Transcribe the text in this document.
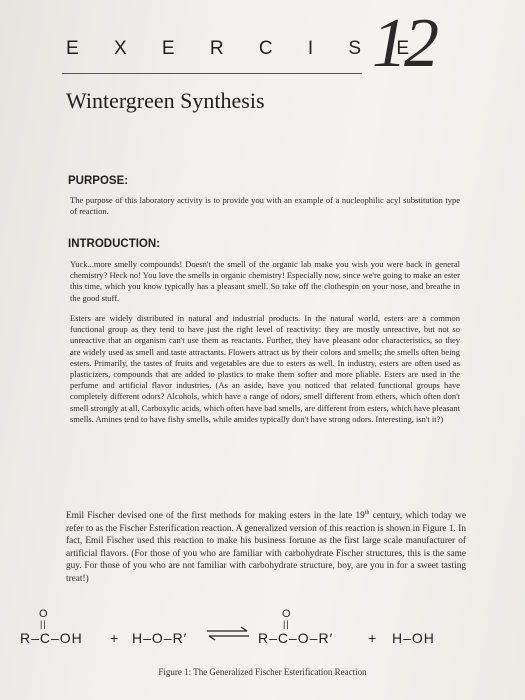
E X E R C I S E
12
Wintergreen Synthesis
PURPOSE:

The purpose of this laboratory activity is to provide you with an example of a nucleophilic acyl substitution type of reaction.

INTRODUCTION:

Yuck...more smelly compounds! Doesn't the smell of the organic lab make you wish you were back in general chemistry? Heck no! You love the smells in organic chemistry! Especially now, since we're going to make an ester this time, which you know typically has a pleasant smell. So take off the clothespin on your nose, and breathe in the good stuff.

Esters are widely distributed in natural and industrial products. In the natural world, esters are a common functional group as they tend to have just the right level of reactivity: they are mostly unreactive, but not so unreactive that an organism can't use them as reactants. Further, they have pleasant odor characteristics, so they are widely used as smell and taste attractants. Flowers attract us by their colors and smells; the smells often being esters. Primarily, the tastes of fruits and vegetables are due to esters as well. In industry, esters are often used as plasticizers, compounds that are added to plastics to make them softer and more pliable. Esters are used in the perfume and artificial flavor industries. (As an aside, have you noticed that related functional groups have completely different odors? Alcohols, which have a range of odors, smell different from ethers, which often don't smell strongly at all. Carboxylic acids, which often have bad smells, are different from esters, which have pleasant smells. Amines tend to have fishy smells, while amides typically don't have strong odors. Interesting, isn't it?)

Emil Fischer devised one of the first methods for making esters in the late 19th century, which today we refer to as the Fischer Esterification reaction. A generalized version of this reaction is shown in Figure 1. In fact, Emil Fischer used this reaction to make his business fortune as the first large scale manufacturer of artificial flavors. (For those of you who are familiar with carbohydrate Fischer structures, this is the same guy. For those of you who are not familiar with carbohydrate structure, boy, are you in for a sweet tasting treat!)

O
||
R–C–OH + H–O–R′ ⇌
O
||
R–C–O–R′ + H–OH
Figure 1: The Generalized Fischer Esterification Reaction
